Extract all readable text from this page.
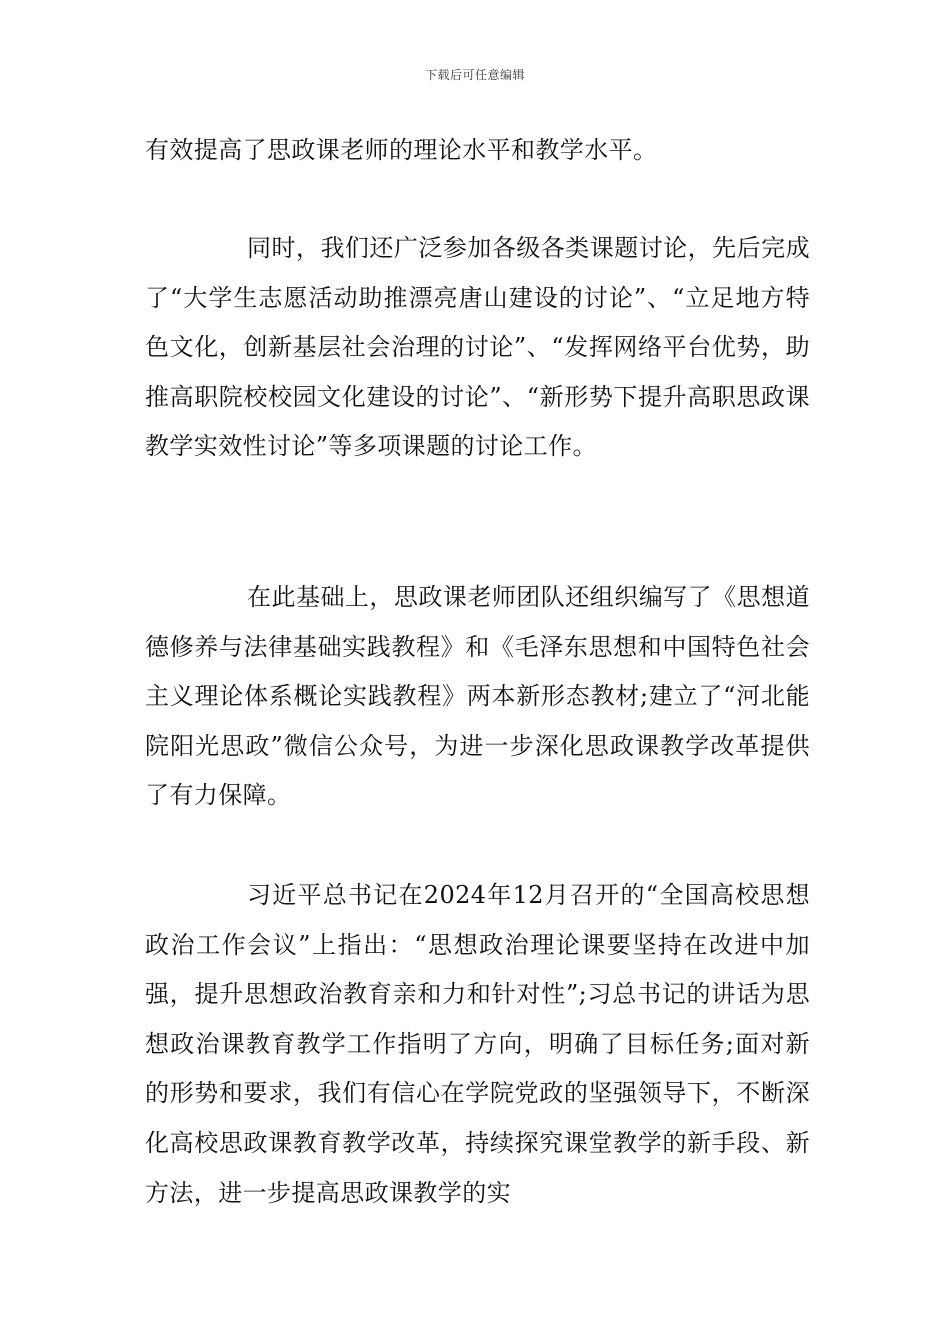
下载后可任意编辑

有效提高了思政课老师的理论水平和教学水平。

同时，我们还广泛参加各级各类课题讨论，先后完成了“大学生志愿活动助推漂亮唐山建设的讨论”、“立足地方特色文化，创新基层社会治理的讨论”、“发挥网络平台优势，助推高职院校校园文化建设的讨论”、“新形势下提升高职思政课教学实效性讨论”等多项课题的讨论工作。

在此基础上，思政课老师团队还组织编写了《思想道德修养与法律基础实践教程》和《毛泽东思想和中国特色社会主义理论体系概论实践教程》两本新形态教材;建立了“河北能院阳光思政”微信公众号，为进一步深化思政课教学改革提供了有力保障。

习近平总书记在2024年12月召开的“全国高校思想政治工作会议”上指出：“思想政治理论课要坚持在改进中加强，提升思想政治教育亲和力和针对性”;习总书记的讲话为思想政治课教育教学工作指明了方向，明确了目标任务;面对新的形势和要求，我们有信心在学院党政的坚强领导下，不断深化高校思政课教育教学改革，持续探究课堂教学的新手段、新方法，进一步提高思政课教学的实
